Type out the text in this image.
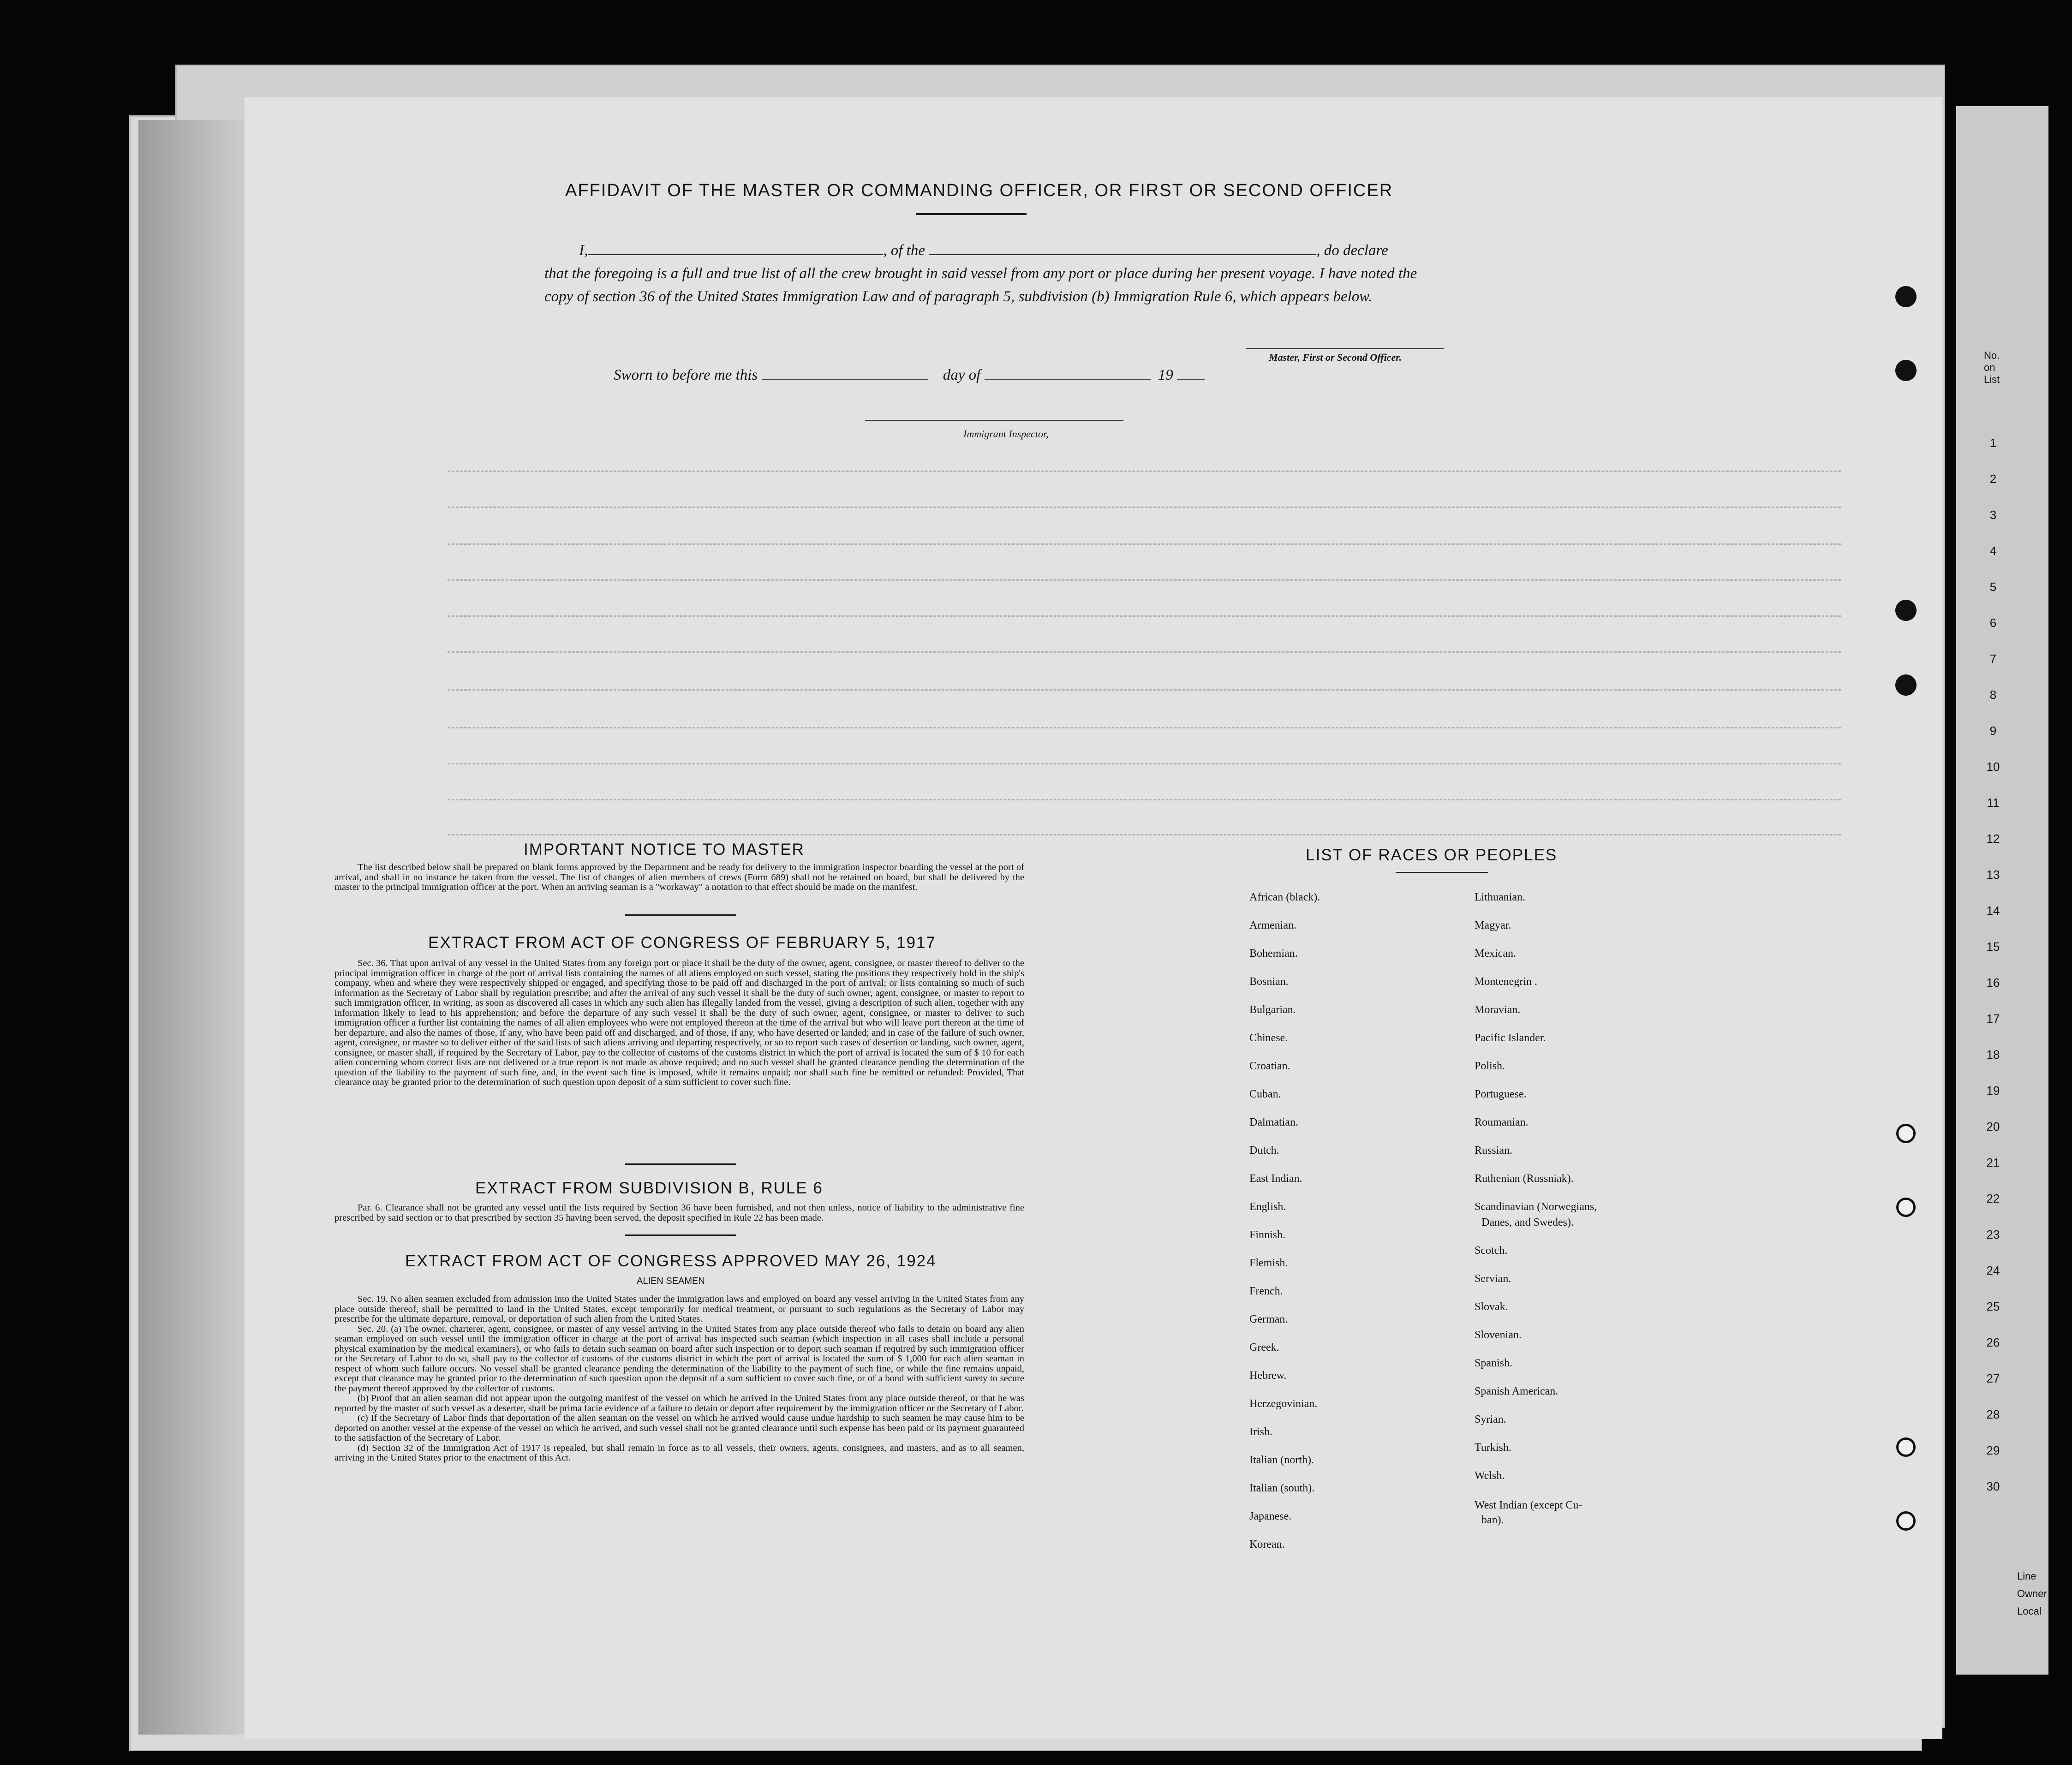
AFFIDAVIT OF THE MASTER OR COMMANDING OFFICER, OR FIRST OR SECOND OFFICER
I,	, of the	, do declare
that the foregoing is a full and true list of all the crew brought in said vessel from any port or place during her present voyage. I have noted the copy of section 36 of the United States Immigration Law and of paragraph 5, subdivision (b) Immigration Rule 6, which appears below.
Master, First or Second Officer.
Sworn to before me this	day of	19
Immigrant Inspector,
IMPORTANT NOTICE TO MASTER

The list described below shall be prepared on blank forms approved by the Department and be ready for delivery to the immigration inspector boarding the vessel at the port of arrival, and shall in no instance be taken from the vessel. The list of changes of alien members of crews (Form 689) shall not be retained on board, but shall be delivered by the master to the principal immigration officer at the port. When an arriving seaman is a "workaway" a notation to that effect should be made on the manifest.

EXTRACT FROM ACT OF CONGRESS OF FEBRUARY 5, 1917

Sec. 36. That upon arrival of any vessel in the United States from any foreign port or place it shall be the duty of the owner, agent, consignee, or master thereof to deliver to the principal immigration officer in charge of the port of arrival lists containing the names of all aliens employed on such vessel, stating the positions they respectively hold in the ship's company, when and where they were respectively shipped or engaged, and specifying those to be paid off and discharged in the port of arrival; or lists containing so much of such information as the Secretary of Labor shall by regulation prescribe; and after the arrival of any such vessel it shall be the duty of such owner, agent, consignee, or master to report to such immigration officer, in writing, as soon as discovered all cases in which any such alien has illegally landed from the vessel, giving a description of such alien, together with any information likely to lead to his apprehension; and before the departure of any such vessel it shall be the duty of such owner, agent, consignee, or master to deliver to such immigration officer a further list containing the names of all alien employees who were not employed thereon at the time of the arrival but who will leave port thereon at the time of her departure, and also the names of those, if any, who have been paid off and discharged, and of those, if any, who have deserted or landed; and in case of the failure of such owner, agent, consignee, or master so to deliver either of the said lists of such aliens arriving and departing respectively, or so to report such cases of desertion or landing, such owner, agent, consignee, or master shall, if required by the Secretary of Labor, pay to the collector of customs of the customs district in which the port of arrival is located the sum of $ 10 for each alien concerning whom correct lists are not delivered or a true report is not made as above required; and no such vessel shall be granted clearance pending the determination of the question of the liability to the payment of such fine, and, in the event such fine is imposed, while it remains unpaid; nor shall such fine be remitted or refunded: Provided, That clearance may be granted prior to the determination of such question upon deposit of a sum sufficient to cover such fine.

EXTRACT FROM SUBDIVISION B, RULE 6

Par. 6. Clearance shall not be granted any vessel until the lists required by Section 36 have been furnished, and not then unless, notice of liability to the administrative fine prescribed by said section or to that prescribed by section 35 having been served, the deposit specified in Rule 22 has been made.

EXTRACT FROM ACT OF CONGRESS APPROVED MAY 26, 1924
ALIEN SEAMEN

Sec. 19. No alien seamen excluded from admission into the United States under the immigration laws and employed on board any vessel arriving in the United States from any place outside thereof, shall be permitted to land in the United States, except temporarily for medical treatment, or pursuant to such regulations as the Secretary of Labor may prescribe for the ultimate departure, removal, or deportation of such alien from the United States.

Sec. 20. (a) The owner, charterer, agent, consignee, or master of any vessel arriving in the United States from any place outside thereof who fails to detain on board any alien seaman employed on such vessel until the immigration officer in charge at the port of arrival has inspected such seaman (which inspection in all cases shall include a personal physical examination by the medical examiners), or who fails to detain such seaman on board after such inspection or to deport such seaman if required by such immigration officer or the Secretary of Labor to do so, shall pay to the collector of customs of the customs district in which the port of arrival is located the sum of $ 1,000 for each alien seaman in respect of whom such failure occurs. No vessel shall be granted clearance pending the determination of the liability to the payment of such fine, or while the fine remains unpaid, except that clearance may be granted prior to the determination of such question upon the deposit of a sum sufficient to cover such fine, or of a bond with sufficient surety to secure the payment thereof approved by the collector of customs.

(b) Proof that an alien seaman did not appear upon the outgoing manifest of the vessel on which he arrived in the United States from any place outside thereof, or that he was reported by the master of such vessel as a deserter, shall be prima facie evidence of a failure to detain or deport after requirement by the immigration officer or the Secretary of Labor.

(c) If the Secretary of Labor finds that deportation of the alien seaman on the vessel on which he arrived would cause undue hardship to such seamen he may cause him to be deported on another vessel at the expense of the vessel on which he arrived, and such vessel shall not be granted clearance until such expense has been paid or its payment guaranteed to the satisfaction of the Secretary of Labor.

(d) Section 32 of the Immigration Act of 1917 is repealed, but shall remain in force as to all vessels, their owners, agents, consignees, and masters, and as to all seamen, arriving in the United States prior to the enactment of this Act.

LIST OF RACES OR PEOPLES
African (black).
Armenian.
Bohemian.
Bosnian.
Bulgarian.
Chinese.
Croatian.
Cuban.
Dalmatian.
Dutch.
East Indian.
English.
Finnish.
Flemish.
French.
German.
Greek.
Hebrew.
Herzegovinian.
Irish.
Italian (north).
Italian (south).
Japanese.
Korean.
Lithuanian.
Magyar.
Mexican.
Montenegrin .
Moravian.
Pacific Islander.
Polish.
Portuguese.
Roumanian.
Russian.
Ruthenian (Russniak).
Scandinavian (Norwegians,
Danes, and Swedes).
Scotch.
Servian.
Slovak.
Slovenian.
Spanish.
Spanish American.
Syrian.
Turkish.
Welsh.
West Indian (except Cu-
ban).
No.
on
List
1
2
3
4
5
6
7
8
9
10
11
12
13
14
15
16
17
18
19
20
21
22
23
24
25
26
27
28
29
30
Line
Owner
Local
